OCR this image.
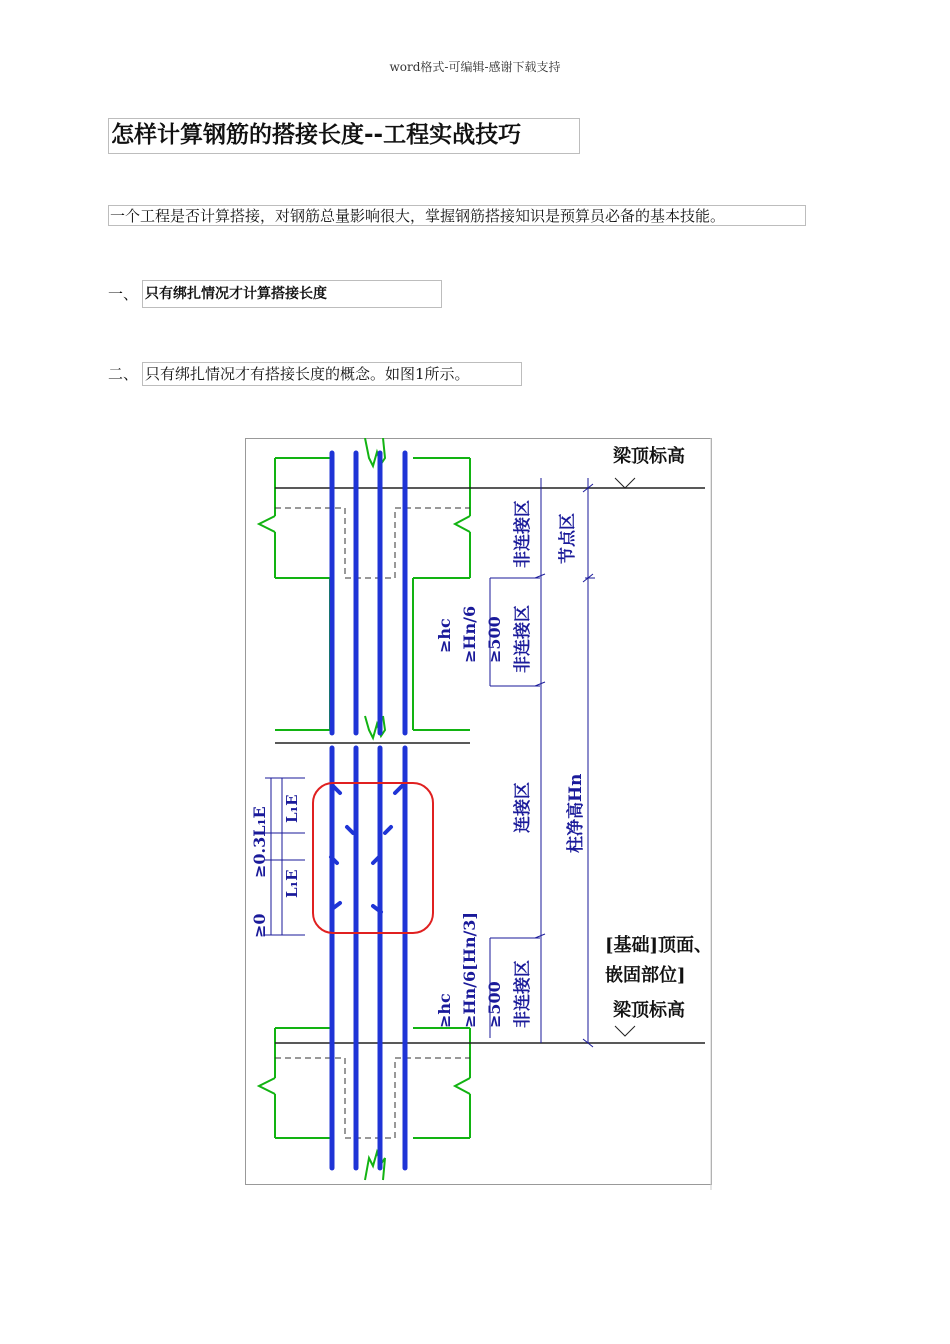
word格式-可编辑-感谢下载支持
怎样计算钢筋的搭接长度--工程实战技巧
一个工程是否计算搭接，对钢筋总量影响很大，掌握钢筋搭接知识是预算员必备的基本技能。
一、 只有绑扎情况才计算搭接长度
二、 只有绑扎情况才有搭接长度的概念。如图1所示。
梁顶标高
[基础]顶面、
嵌固部位]
梁顶标高
节点区
非连接区
非连接区
连接区 柱净高Hn
非连接区
≥hc ≥Hn/6 ≥500
≥hc ≥Hn/6[Hn/3] ≥500
L₁E
L₁E
≥0.3L₁E
≥0
